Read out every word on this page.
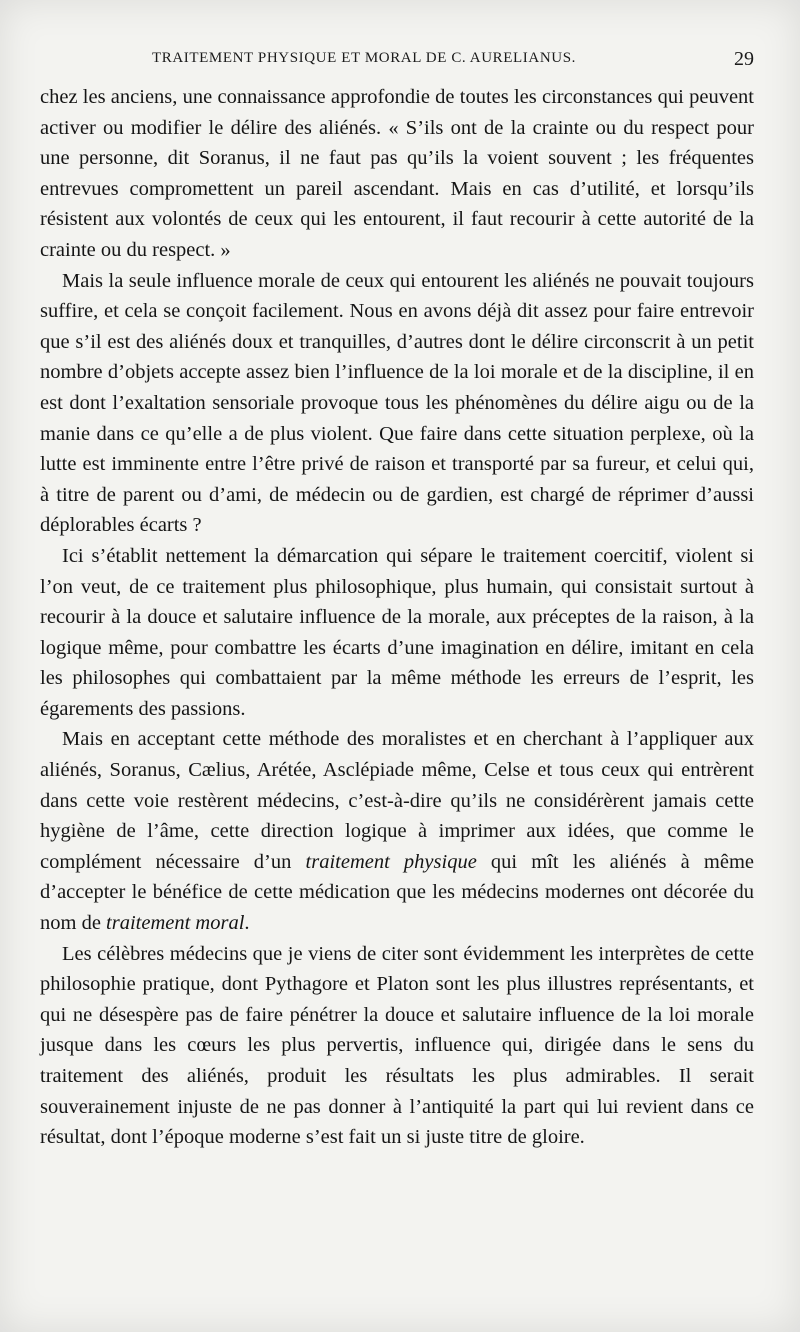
TRAITEMENT PHYSIQUE ET MORAL DE C. AURELIANUS.	29

chez les anciens, une connaissance approfondie de toutes les circonstances qui peuvent activer ou modifier le délire des aliénés. « S’ils ont de la crainte ou du respect pour une personne, dit Soranus, il ne faut pas qu’ils la voient souvent ; les fréquentes entrevues compromettent un pareil ascendant. Mais en cas d’utilité, et lorsqu’ils résistent aux volontés de ceux qui les entourent, il faut recourir à cette autorité de la crainte ou du respect. »

Mais la seule influence morale de ceux qui entourent les aliénés ne pouvait toujours suffire, et cela se conçoit facilement. Nous en avons déjà dit assez pour faire entrevoir que s’il est des aliénés doux et tranquilles, d’autres dont le délire circonscrit à un petit nombre d’objets accepte assez bien l’influence de la loi morale et de la discipline, il en est dont l’exaltation sensoriale provoque tous les phénomènes du délire aigu ou de la manie dans ce qu’elle a de plus violent. Que faire dans cette situation perplexe, où la lutte est imminente entre l’être privé de raison et transporté par sa fureur, et celui qui, à titre de parent ou d’ami, de médecin ou de gardien, est chargé de réprimer d’aussi déplorables écarts ?

Ici s’établit nettement la démarcation qui sépare le traitement coercitif, violent si l’on veut, de ce traitement plus philosophique, plus humain, qui consistait surtout à recourir à la douce et salutaire influence de la morale, aux préceptes de la raison, à la logique même, pour combattre les écarts d’une imagination en délire, imitant en cela les philosophes qui combattaient par la même méthode les erreurs de l’esprit, les égarements des passions.

Mais en acceptant cette méthode des moralistes et en cherchant à l’appliquer aux aliénés, Soranus, Cælius, Arétée, Asclépiade même, Celse et tous ceux qui entrèrent dans cette voie restèrent médecins, c’est-à-dire qu’ils ne considérèrent jamais cette hygiène de l’âme, cette direction logique à imprimer aux idées, que comme le complément nécessaire d’un traitement physique qui mît les aliénés à même d’accepter le bénéfice de cette médication que les médecins modernes ont décorée du nom de traitement moral.

Les célèbres médecins que je viens de citer sont évidemment les interprètes de cette philosophie pratique, dont Pythagore et Platon sont les plus illustres représentants, et qui ne désespère pas de faire pénétrer la douce et salutaire influence de la loi morale jusque dans les cœurs les plus pervertis, influence qui, dirigée dans le sens du traitement des aliénés, produit les résultats les plus admirables. Il serait souverainement injuste de ne pas donner à l’antiquité la part qui lui revient dans ce résultat, dont l’époque moderne s’est fait un si juste titre de gloire.
